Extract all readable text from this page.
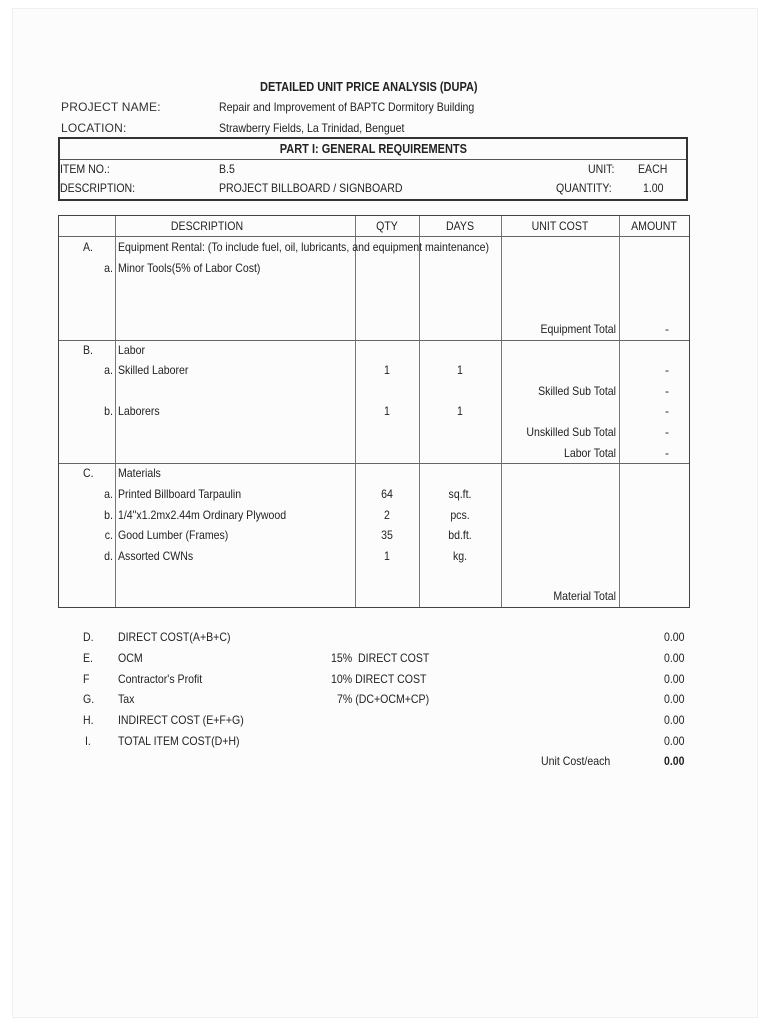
DETAILED UNIT PRICE ANALYSIS (DUPA)
PROJECT NAME:	Repair and Improvement of BAPTC Dormitory Building
LOCATION:	Strawberry Fields, La Trinidad, Benguet
PART I: GENERAL REQUIREMENTS
ITEM NO.:	B.5	UNIT: EACH
DESCRIPTION:	PROJECT BILLBOARD / SIGNBOARD	QUANTITY:	1.00
DESCRIPTION	QTY	DAYS	UNIT COST	AMOUNT
A. Equipment Rental: (To include fuel, oil, lubricants, and equipment maintenance)
a. Minor Tools(5% of Labor Cost)
Equipment Total	-
B. Labor
a. Skilled Laborer	1	1	-
Skilled Sub Total	-
b. Laborers	1	1	-
Unskilled Sub Total	-
Labor Total	-
C. Materials
a. Printed Billboard Tarpaulin	64	sq.ft.
b. 1/4"x1.2mx2.44m Ordinary Plywood	2	pcs.
c. Good Lumber (Frames)	35	bd.ft.
d. Assorted CWNs	1	kg.
Material Total
D. DIRECT COST(A+B+C)	0.00
E. OCM	15%  DIRECT COST	0.00
F Contractor's Profit	10% DIRECT COST	0.00
G. Tax	7% (DC+OCM+CP)	0.00
H. INDIRECT COST (E+F+G)	0.00
I. TOTAL ITEM COST(D+H)	0.00
Unit Cost/each	0.00
